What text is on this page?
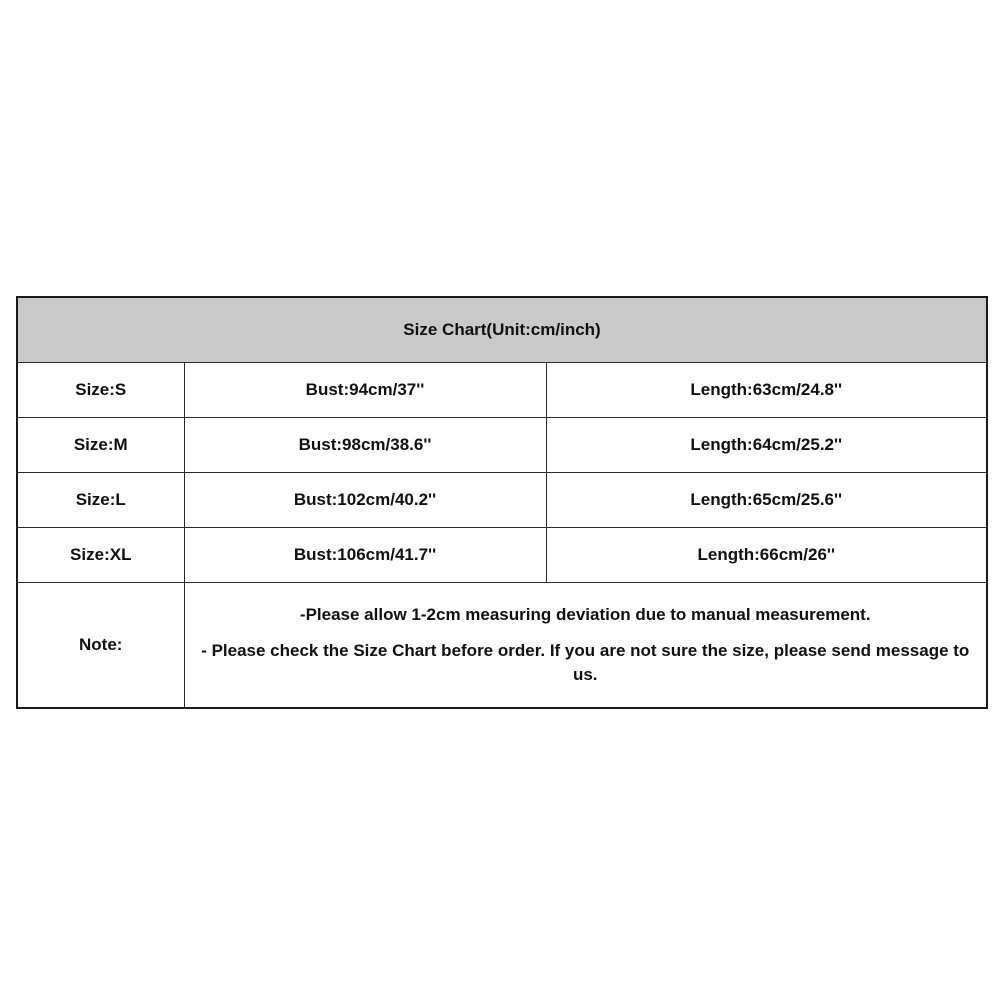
Size Chart(Unit:cm/inch)		
Size:S	Bust:94cm/37''	Length:63cm/24.8''
Size:M	Bust:98cm/38.6''	Length:64cm/25.2''
Size:L	Bust:102cm/40.2''	Length:65cm/25.6''
Size:XL	Bust:106cm/41.7''	Length:66cm/26''
Note:	-Please allow 1-2cm measuring deviation due to manual measurement.

- Please check the Size Chart before order. If you are not sure the size, please send message to us.	
